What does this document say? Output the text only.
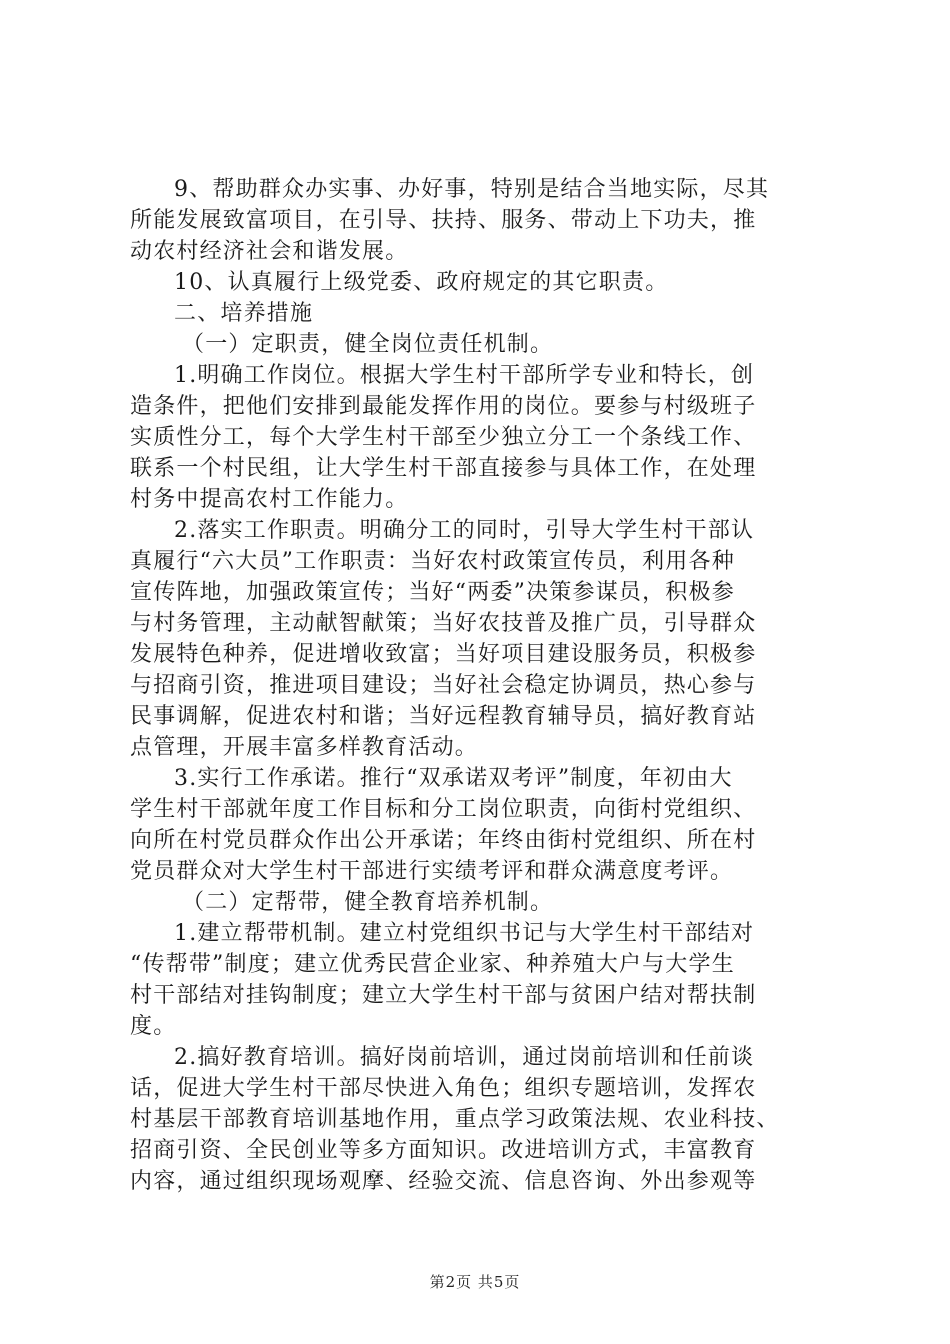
9、帮助群众办实事、办好事，特别是结合当地实际，尽其
所能发展致富项目，在引导、扶持、服务、带动上下功夫，推
动农村经济社会和谐发展。

10、认真履行上级党委、政府规定的其它职责。

二、培养措施

（一）定职责，健全岗位责任机制。

1.明确工作岗位。根据大学生村干部所学专业和特长，创
造条件，把他们安排到最能发挥作用的岗位。要参与村级班子
实质性分工，每个大学生村干部至少独立分工一个条线工作、
联系一个村民组，让大学生村干部直接参与具体工作，在处理
村务中提高农村工作能力。

2.落实工作职责。明确分工的同时，引导大学生村干部认
真履行“六大员”工作职责：当好农村政策宣传员，利用各种
宣传阵地，加强政策宣传；当好“两委”决策参谋员，积极参
与村务管理，主动献智献策；当好农技普及推广员，引导群众
发展特色种养，促进增收致富；当好项目建设服务员，积极参
与招商引资，推进项目建设；当好社会稳定协调员，热心参与
民事调解，促进农村和谐；当好远程教育辅导员，搞好教育站
点管理，开展丰富多样教育活动。

3.实行工作承诺。推行“双承诺双考评”制度，年初由大
学生村干部就年度工作目标和分工岗位职责，向街村党组织、
向所在村党员群众作出公开承诺；年终由街村党组织、所在村
党员群众对大学生村干部进行实绩考评和群众满意度考评。

（二）定帮带，健全教育培养机制。

1.建立帮带机制。建立村党组织书记与大学生村干部结对
“传帮带”制度；建立优秀民营企业家、种养殖大户与大学生
村干部结对挂钩制度；建立大学生村干部与贫困户结对帮扶制
度。

2.搞好教育培训。搞好岗前培训，通过岗前培训和任前谈
话，促进大学生村干部尽快进入角色；组织专题培训，发挥农
村基层干部教育培训基地作用，重点学习政策法规、农业科技、
招商引资、全民创业等多方面知识。改进培训方式，丰富教育
内容，通过组织现场观摩、经验交流、信息咨询、外出参观等

第2页 共5页
